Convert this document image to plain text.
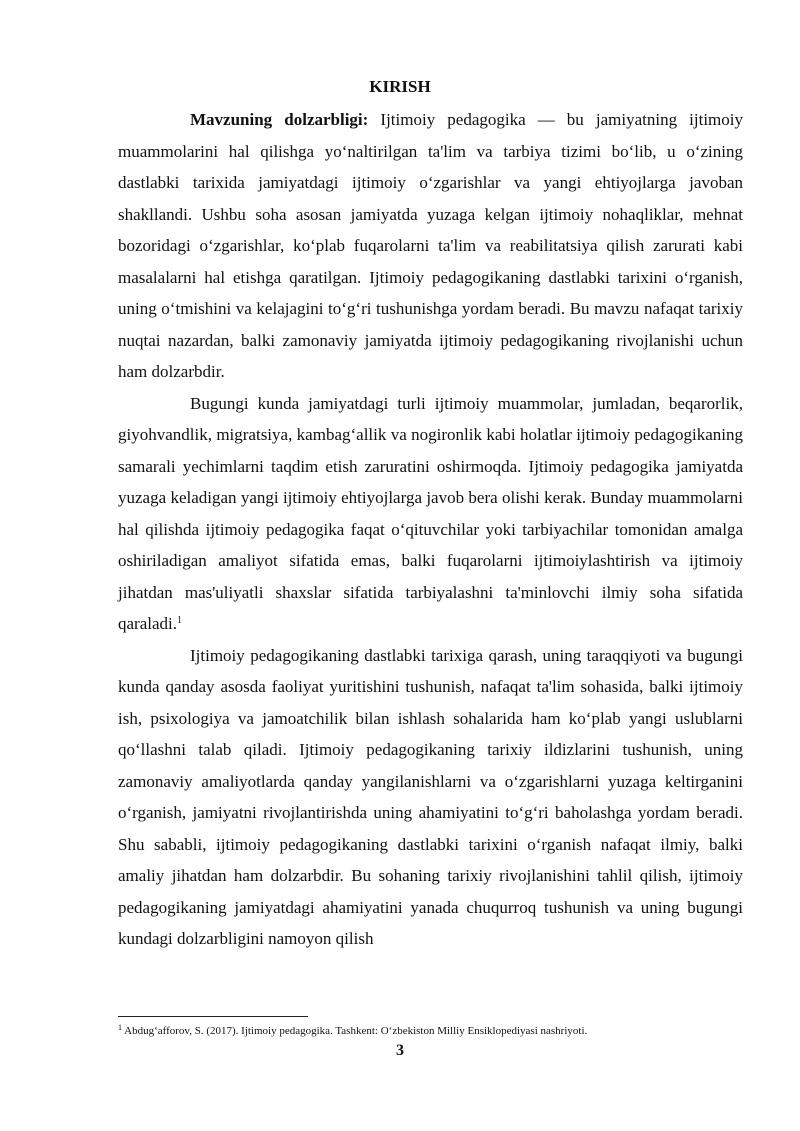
KIRISH

Mavzuning dolzarbligi: Ijtimoiy pedagogika — bu jamiyatning ijtimoiy muammolarini hal qilishga yoʻnaltirilgan ta'lim va tarbiya tizimi boʻlib, u oʻzining dastlabki tarixida jamiyatdagi ijtimoiy oʻzgarishlar va yangi ehtiyojlarga javoban shakllandi. Ushbu soha asosan jamiyatda yuzaga kelgan ijtimoiy nohaqliklar, mehnat bozoridagi oʻzgarishlar, koʻplab fuqarolarni ta'lim va reabilitatsiya qilish zarurati kabi masalalarni hal etishga qaratilgan. Ijtimoiy pedagogikaning dastlabki tarixini oʻrganish, uning oʻtmishini va kelajagini toʻgʻri tushunishga yordam beradi. Bu mavzu nafaqat tarixiy nuqtai nazardan, balki zamonaviy jamiyatda ijtimoiy pedagogikaning rivojlanishi uchun ham dolzarbdir.

Bugungi kunda jamiyatdagi turli ijtimoiy muammolar, jumladan, beqarorlik, giyohvandlik, migratsiya, kambagʻallik va nogironlik kabi holatlar ijtimoiy pedagogikaning samarali yechimlarni taqdim etish zaruratini oshirmoqda. Ijtimoiy pedagogika jamiyatda yuzaga keladigan yangi ijtimoiy ehtiyojlarga javob bera olishi kerak. Bunday muammolarni hal qilishda ijtimoiy pedagogika faqat oʻqituvchilar yoki tarbiyachilar tomonidan amalga oshiriladigan amaliyot sifatida emas, balki fuqarolarni ijtimoiylashtirish va ijtimoiy jihatdan mas'uliyatli shaxslar sifatida tarbiyalashni ta'minlovchi ilmiy soha sifatida qaraladi.$^1$

Ijtimoiy pedagogikaning dastlabki tarixiga qarash, uning taraqqiyoti va bugungi kunda qanday asosda faoliyat yuritishini tushunish, nafaqat ta'lim sohasida, balki ijtimoiy ish, psixologiya va jamoatchilik bilan ishlash sohalarida ham koʻplab yangi uslublarni qoʻllashni talab qiladi. Ijtimoiy pedagogikaning tarixiy ildizlarini tushunish, uning zamonaviy amaliyotlarda qanday yangilanishlarni va oʻzgarishlarni yuzaga keltirganini oʻrganish, jamiyatni rivojlantirishda uning ahamiyatini toʻgʻri baholashga yordam beradi. Shu sababli, ijtimoiy pedagogikaning dastlabki tarixini oʻrganish nafaqat ilmiy, balki amaliy jihatdan ham dolzarbdir. Bu sohaning tarixiy rivojlanishini tahlil qilish, ijtimoiy pedagogikaning jamiyatdagi ahamiyatini yanada chuqurroq tushunish va uning bugungi kundagi dolzarbligini namoyon qilish

$^1$ Abdugʻafforov, S. (2017). Ijtimoiy pedagogika. Tashkent: Oʻzbekiston Milliy Ensiklopediyasi nashriyoti.

3
